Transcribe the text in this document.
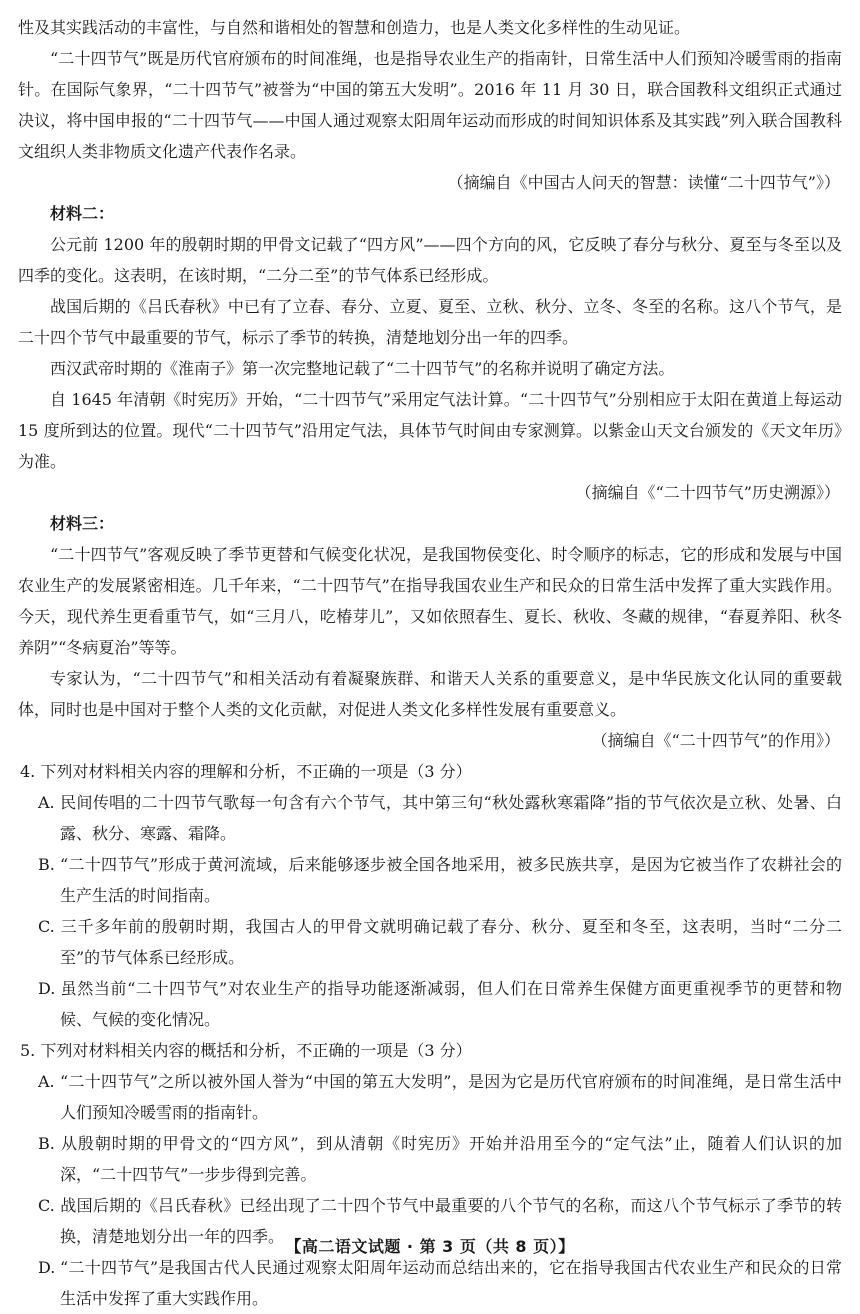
性及其实践活动的丰富性，与自然和谐相处的智慧和创造力，也是人类文化多样性的生动见证。

“二十四节气”既是历代官府颁布的时间准绳，也是指导农业生产的指南针，日常生活中人们预知冷暖雪雨的指南针。在国际气象界，“二十四节气”被誉为“中国的第五大发明”。2016 年 11 月 30 日，联合国教科文组织正式通过决议，将中国申报的“二十四节气——中国人通过观察太阳周年运动而形成的时间知识体系及其实践”列入联合国教科文组织人类非物质文化遗产代表作名录。

（摘编自《中国古人问天的智慧：读懂“二十四节气”》）

材料二：

公元前 1200 年的殷朝时期的甲骨文记载了“四方风”——四个方向的风，它反映了春分与秋分、夏至与冬至以及四季的变化。这表明，在该时期，“二分二至”的节气体系已经形成。

战国后期的《吕氏春秋》中已有了立春、春分、立夏、夏至、立秋、秋分、立冬、冬至的名称。这八个节气，是二十四个节气中最重要的节气，标示了季节的转换，清楚地划分出一年的四季。

西汉武帝时期的《淮南子》第一次完整地记载了“二十四节气”的名称并说明了确定方法。

自 1645 年清朝《时宪历》开始，“二十四节气”采用定气法计算。“二十四节气”分别相应于太阳在黄道上每运动 15 度所到达的位置。现代“二十四节气”沿用定气法，具体节气时间由专家测算。以紫金山天文台颁发的《天文年历》为准。

（摘编自《“二十四节气”历史溯源》）

材料三：

“二十四节气”客观反映了季节更替和气候变化状况，是我国物侯变化、时令顺序的标志，它的形成和发展与中国农业生产的发展紧密相连。几千年来，“二十四节气”在指导我国农业生产和民众的日常生活中发挥了重大实践作用。今天，现代养生更看重节气，如“三月八，吃椿芽儿”，又如依照春生、夏长、秋收、冬藏的规律，“春夏养阳、秋冬养阴”“冬病夏治”等等。

专家认为，“二十四节气”和相关活动有着凝聚族群、和谐天人关系的重要意义，是中华民族文化认同的重要载体，同时也是中国对于整个人类的文化贡献，对促进人类文化多样性发展有重要意义。

（摘编自《“二十四节气”的作用》）

4. 下列对材料相关内容的理解和分析，不正确的一项是（3 分）

A. 民间传唱的二十四节气歌每一句含有六个节气，其中第三句“秋处露秋寒霜降”指的节气依次是立秋、处暑、白露、秋分、寒露、霜降。

B. “二十四节气”形成于黄河流域，后来能够逐步被全国各地采用，被多民族共享，是因为它被当作了农耕社会的生产生活的时间指南。

C. 三千多年前的殷朝时期，我国古人的甲骨文就明确记载了春分、秋分、夏至和冬至，这表明，当时“二分二至”的节气体系已经形成。

D. 虽然当前“二十四节气”对农业生产的指导功能逐渐减弱，但人们在日常养生保健方面更重视季节的更替和物候、气候的变化情况。

5. 下列对材料相关内容的概括和分析，不正确的一项是（3 分）

A. “二十四节气”之所以被外国人誉为“中国的第五大发明”，是因为它是历代官府颁布的时间准绳，是日常生活中人们预知冷暖雪雨的指南针。

B. 从殷朝时期的甲骨文的“四方风”，到从清朝《时宪历》开始并沿用至今的“定气法”止，随着人们认识的加深，“二十四节气”一步步得到完善。

C. 战国后期的《吕氏春秋》已经出现了二十四个节气中最重要的八个节气的名称，而这八个节气标示了季节的转换，清楚地划分出一年的四季。

D. “二十四节气”是我国古代人民通过观察太阳周年运动而总结出来的，它在指导我国古代农业生产和民众的日常生活中发挥了重大实践作用。

【高二语文试题 · 第 3 页（共 8 页）】
